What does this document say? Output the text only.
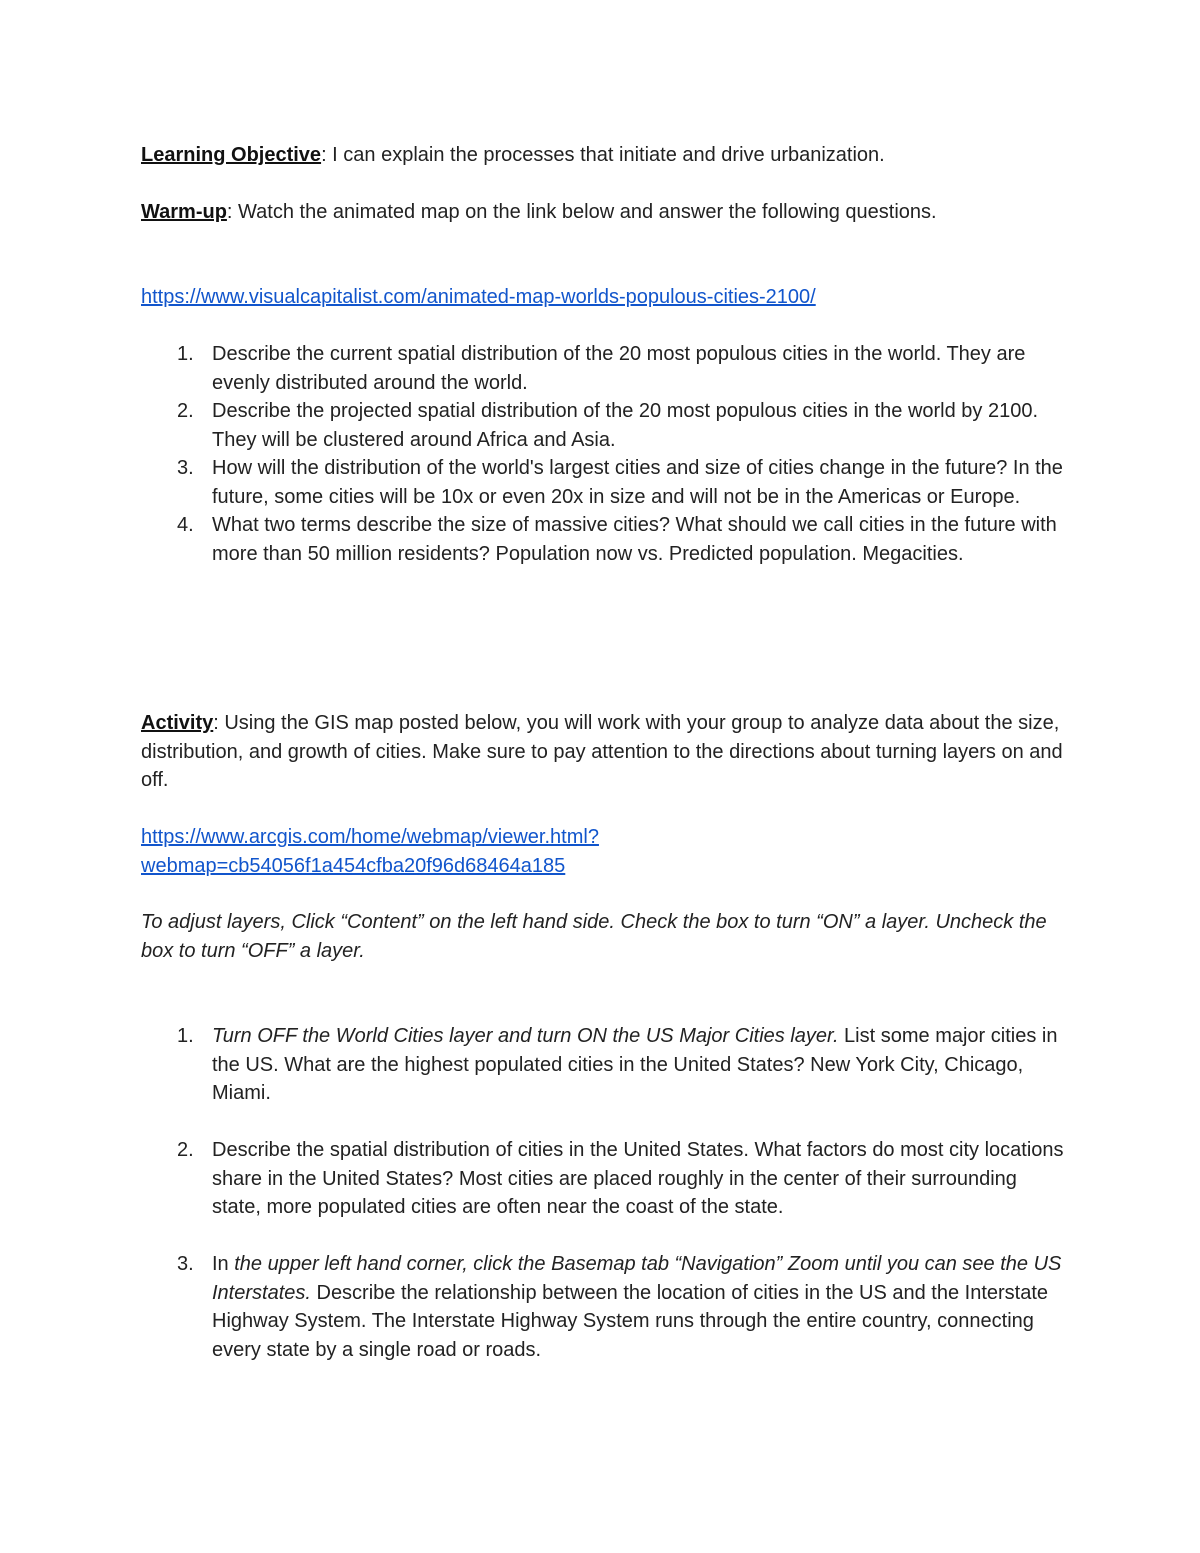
Learning Objective: I can explain the processes that initiate and drive urbanization.
Warm-up: Watch the animated map on the link below and answer the following questions.
https://www.visualcapitalist.com/animated-map-worlds-populous-cities-2100/
1. Describe the current spatial distribution of the 20 most populous cities in the world. They are evenly distributed around the world.
2. Describe the projected spatial distribution of the 20 most populous cities in the world by 2100. They will be clustered around Africa and Asia.
3. How will the distribution of the world's largest cities and size of cities change in the future? In the future, some cities will be 10x or even 20x in size and will not be in the Americas or Europe.
4. What two terms describe the size of massive cities? What should we call cities in the future with more than 50 million residents? Population now vs. Predicted population. Megacities.
Activity: Using the GIS map posted below, you will work with your group to analyze data about the size, distribution, and growth of cities. Make sure to pay attention to the directions about turning layers on and off.
https://www.arcgis.com/home/webmap/viewer.html?
webmap=cb54056f1a454cfba20f96d68464a185
To adjust layers, Click “Content” on the left hand side. Check the box to turn “ON” a layer. Uncheck the box to turn “OFF” a layer.
1. Turn OFF the World Cities layer and turn ON the US Major Cities layer. List some major cities in the US. What are the highest populated cities in the United States? New York City, Chicago, Miami.
2. Describe the spatial distribution of cities in the United States. What factors do most city locations share in the United States? Most cities are placed roughly in the center of their surrounding state, more populated cities are often near the coast of the state.
3. In the upper left hand corner, click the Basemap tab “Navigation” Zoom until you can see the US Interstates. Describe the relationship between the location of cities in the US and the Interstate Highway System. The Interstate Highway System runs through the entire country, connecting every state by a single road or roads.
